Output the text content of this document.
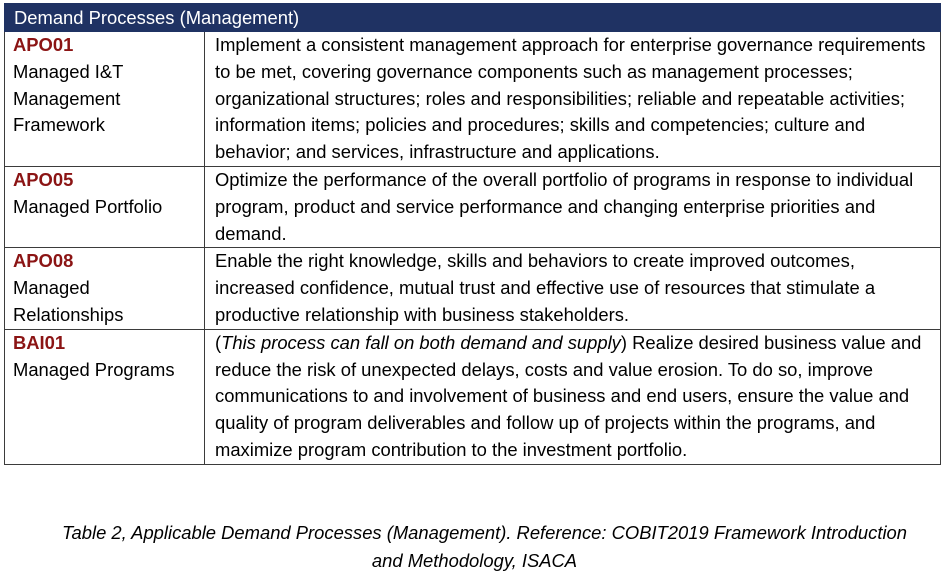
Demand Processes (Management)	

APO01
Managed I&T Management Framework	Implement a consistent management approach for enterprise governance requirements to be met, covering governance components such as management processes; organizational structures; roles and responsibilities; reliable and repeatable activities; information items; policies and procedures; skills and competencies; culture and behavior; and services, infrastructure and applications.

APO05
Managed Portfolio	Optimize the performance of the overall portfolio of programs in response to individual program, product and service performance and changing enterprise priorities and demand.

APO08
Managed Relationships	Enable the right knowledge, skills and behaviors to create improved outcomes, increased confidence, mutual trust and effective use of resources that stimulate a productive relationship with business stakeholders.

BAI01
Managed Programs	(This process can fall on both demand and supply) Realize desired business value and reduce the risk of unexpected delays, costs and value erosion. To do so, improve communications to and involvement of business and end users, ensure the value and quality of program deliverables and follow up of projects within the programs, and maximize program contribution to the investment portfolio.
Table 2, Applicable Demand Processes (Management). Reference: COBIT2019 Framework Introduction
and Methodology, ISACA
